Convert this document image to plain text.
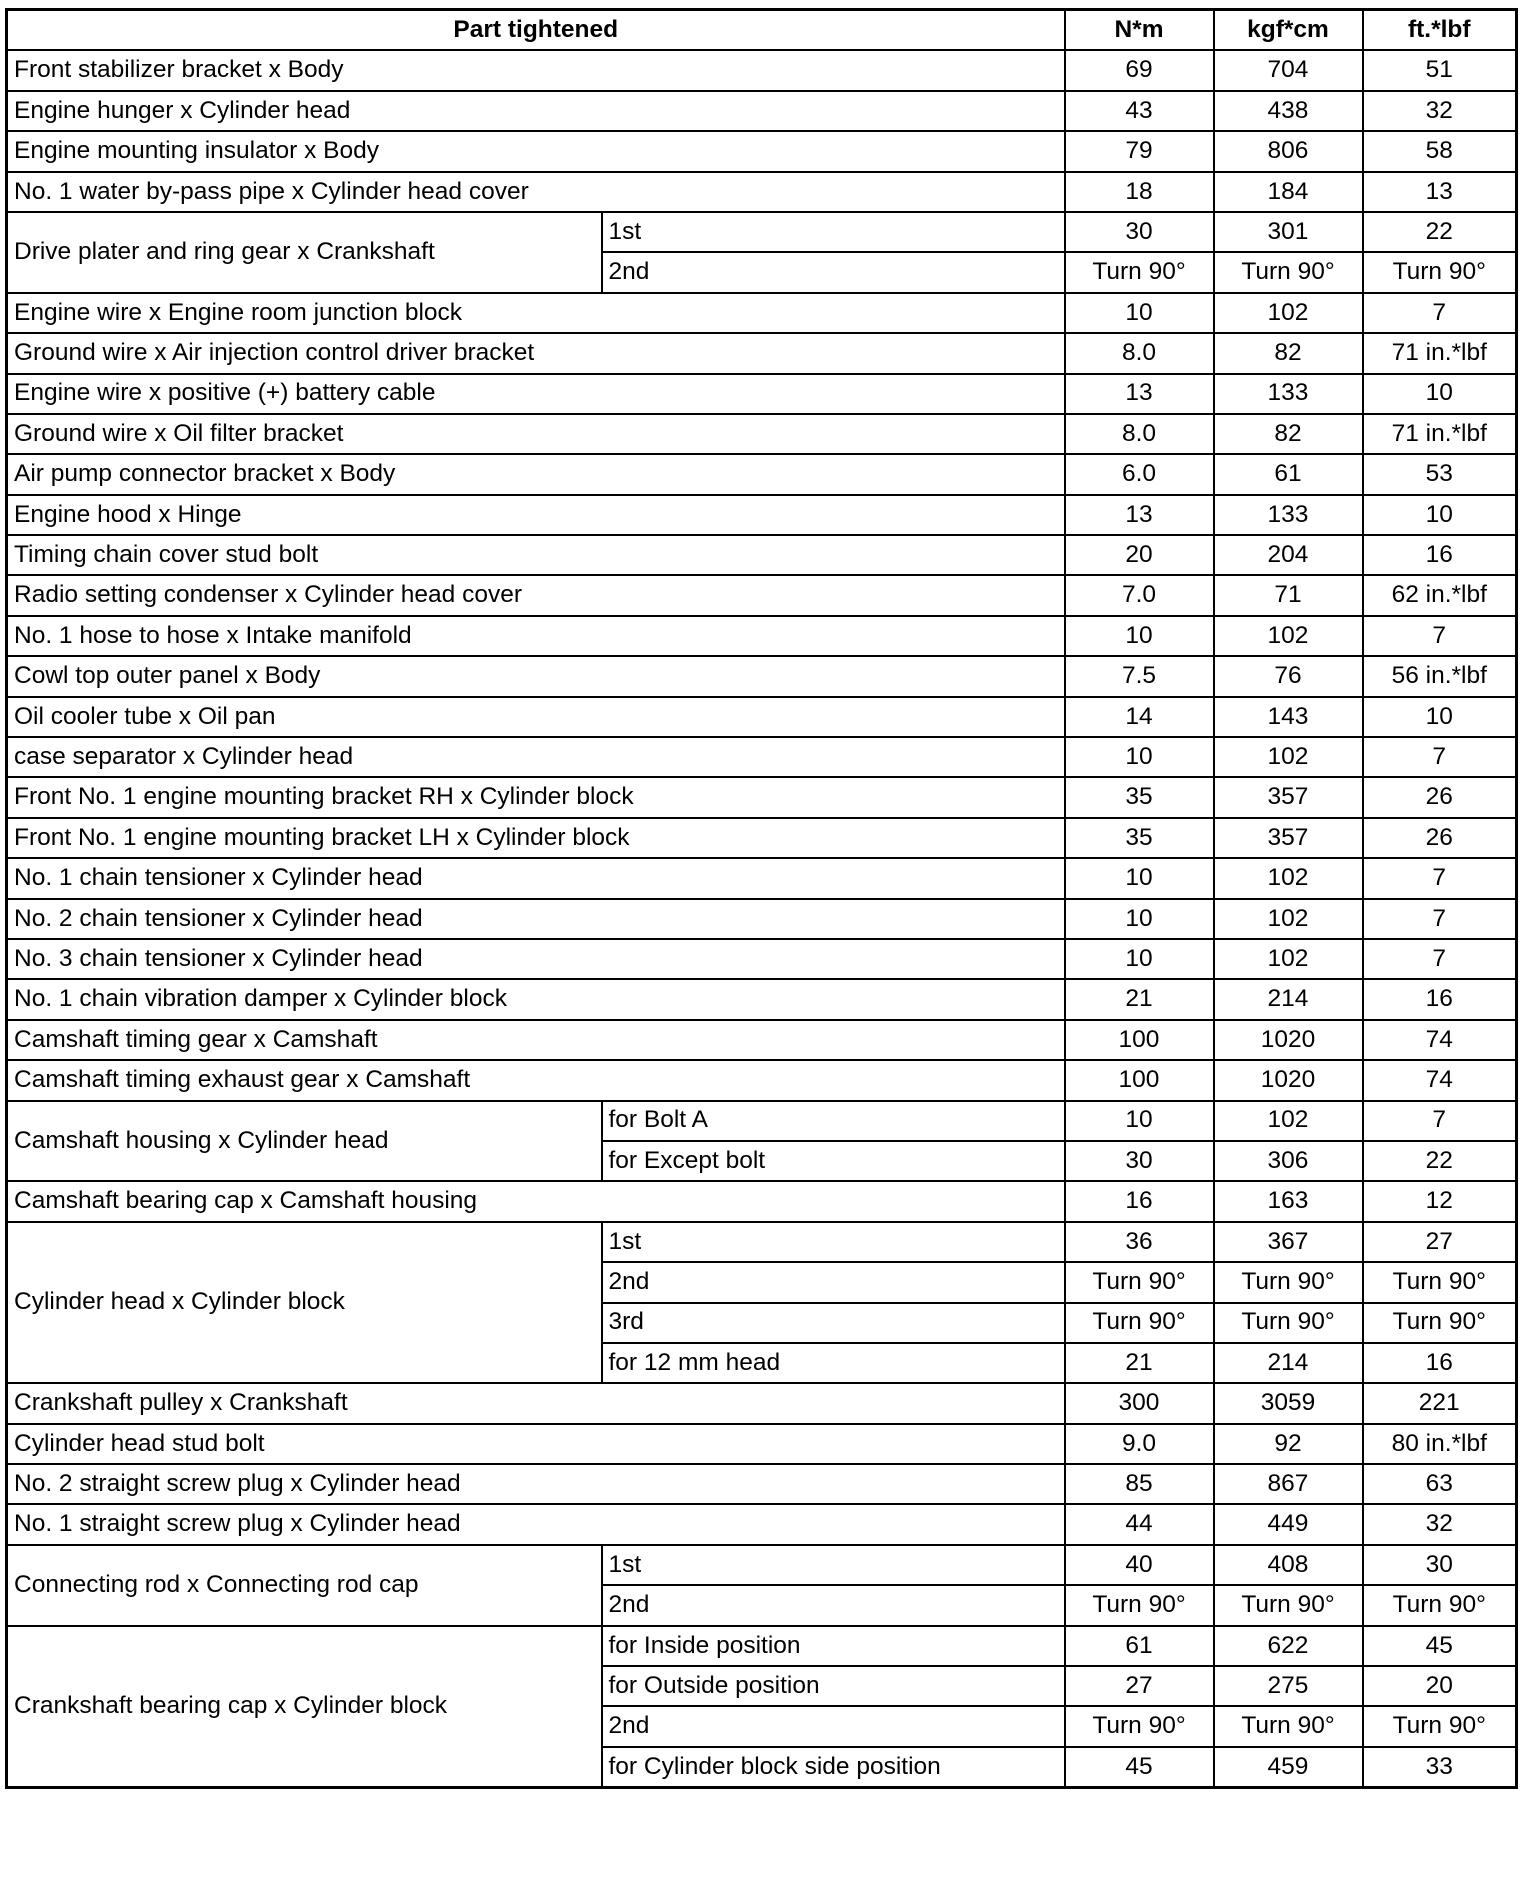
Part tightened		N*m	kgf*cm	ft.*lbf
Front stabilizer bracket x Body		69	704	51
Engine hunger x Cylinder head		43	438	32
Engine mounting insulator x Body		79	806	58
No. 1 water by-pass pipe x Cylinder head cover		18	184	13
Drive plater and ring gear x Crankshaft	1st	30	301	22
	2nd	Turn 90°	Turn 90°	Turn 90°
Engine wire x Engine room junction block		10	102	7
Ground wire x Air injection control driver bracket		8.0	82	71 in.*lbf
Engine wire x positive (+) battery cable		13	133	10
Ground wire x Oil filter bracket		8.0	82	71 in.*lbf
Air pump connector bracket x Body		6.0	61	53
Engine hood x Hinge		13	133	10
Timing chain cover stud bolt		20	204	16
Radio setting condenser x Cylinder head cover		7.0	71	62 in.*lbf
No. 1 hose to hose x Intake manifold		10	102	7
Cowl top outer panel x Body		7.5	76	56 in.*lbf
Oil cooler tube x Oil pan		14	143	10
case separator x Cylinder head		10	102	7
Front No. 1 engine mounting bracket RH x Cylinder block		35	357	26
Front No. 1 engine mounting bracket LH x Cylinder block		35	357	26
No. 1 chain tensioner x Cylinder head		10	102	7
No. 2 chain tensioner x Cylinder head		10	102	7
No. 3 chain tensioner x Cylinder head		10	102	7
No. 1 chain vibration damper x Cylinder block		21	214	16
Camshaft timing gear x Camshaft		100	1020	74
Camshaft timing exhaust gear x Camshaft		100	1020	74
Camshaft housing x Cylinder head	for Bolt A	10	102	7
	for Except bolt	30	306	22
Camshaft bearing cap x Camshaft housing		16	163	12
Cylinder head x Cylinder block	1st	36	367	27
	2nd	Turn 90°	Turn 90°	Turn 90°
	3rd	Turn 90°	Turn 90°	Turn 90°
	for 12 mm head	21	214	16
Crankshaft pulley x Crankshaft		300	3059	221
Cylinder head stud bolt		9.0	92	80 in.*lbf
No. 2 straight screw plug x Cylinder head		85	867	63
No. 1 straight screw plug x Cylinder head		44	449	32
Connecting rod x Connecting rod cap	1st	40	408	30
	2nd	Turn 90°	Turn 90°	Turn 90°
Crankshaft bearing cap x Cylinder block	for Inside position	61	622	45
	for Outside position	27	275	20
	2nd	Turn 90°	Turn 90°	Turn 90°
	for Cylinder block side position	45	459	33
